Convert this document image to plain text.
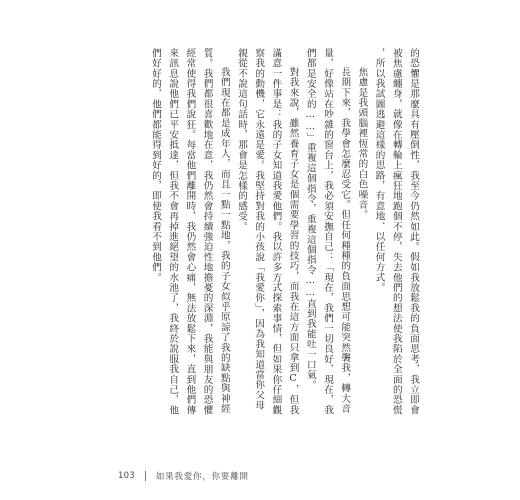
的恐懼是那麼具有壓倒性，我至今仍然如此。假如我放鬆我的負面思考，我立即會
被焦慮纏身，就像在轉輪上瘋狂地跑個不停，失去他們的想法使我陷於全面的恐慌
，所以我試圖逃避這樣的思路，有意地、以任何方式。
焦慮是我頭腦裡恆常的白色噪音。
長期下來，我學會怎麼忍受它。但任何種種的負面思想可能突然襲我，轉大音
量，好像站在吵雜的窗台上，我必須安撫自己：「現在，我們一切良好，現在，我
們都是安全的……」重複這個指令，重複這個指令……直到我能吐一口氣。
對我來說，雖然養育子女是個需要學習的技巧，而我在這方面只拿到C，但我
滿意一件事是：我的子女知道我愛他們。我以許多方式探索事情，但如果你仔細觀
察我的動機，它永遠是愛。我堅持對我的小孩說「我愛你」，因為我知道當你父母
親從不說這句話時，那會是怎樣的感受。
我們現在都是成年人，而且一點一點地，我的子女似乎原諒了我的缺點與神經
質。我們都很喜歡地在意，我仍然會持續強迫性地擔憂的深淵，我能與朋友的恐懼
經常使得我們說狂。每當他們離開時，我仍然會心痛，無法放鬆下來，直到他們傳
來訊息說他們已平安抵達，但我不會再掉進絕望的水池了，我終於說服我自己，他
們好好的，他們都能得到好的，即使我看不到他們。
103 如果我愛你，你要離開
